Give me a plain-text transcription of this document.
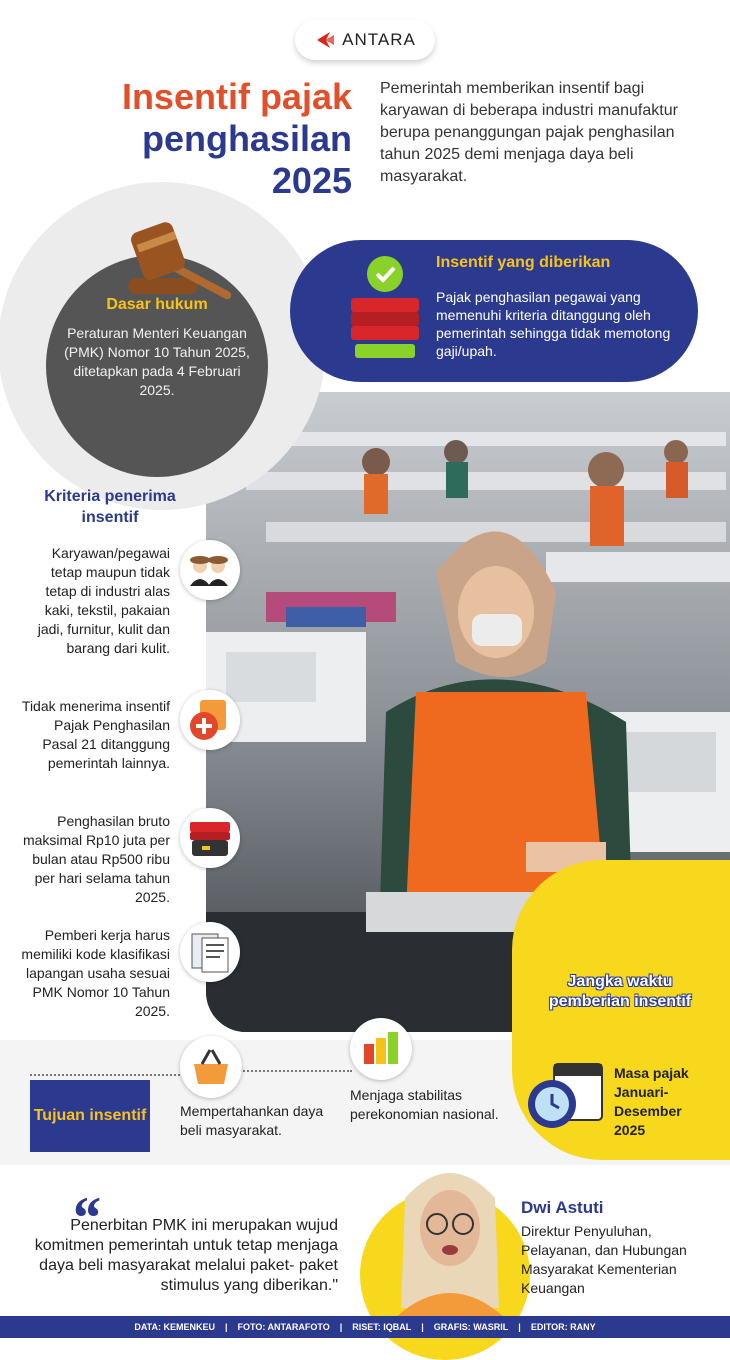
ANTARA
Insentif pajak
penghasilan
2025
Pemerintah memberikan insentif bagi karyawan di beberapa industri manufaktur berupa penanggungan pajak penghasilan tahun 2025 demi menjaga daya beli masyarakat.
Dasar hukum
Peraturan Menteri Keuangan (PMK) Nomor 10 Tahun 2025, ditetapkan pada 4 Februari 2025.
Insentif yang diberikan
Pajak penghasilan pegawai yang memenuhi kriteria ditanggung oleh pemerintah sehingga tidak memotong gaji/upah.
Kriteria penerima insentif
Karyawan/pegawai tetap maupun tidak tetap di industri alas kaki, tekstil, pakaian jadi, furnitur, kulit dan barang dari kulit.
Tidak menerima insentif Pajak Penghasilan Pasal 21 ditanggung pemerintah lainnya.
Penghasilan bruto maksimal Rp10 juta per bulan atau Rp500 ribu per hari selama tahun 2025.
Pemberi kerja harus memiliki kode klasifikasi lapangan usaha sesuai PMK Nomor 10 Tahun 2025.
Tujuan insentif Mempertahankan daya beli masyarakat.
Menjaga stabilitas perekonomian nasional.
Jangka waktu pemberian insentif
Masa pajak Januari-Desember 2025
“
Penerbitan PMK ini merupakan wujud komitmen pemerintah untuk tetap menjaga daya beli masyarakat melalui paket- paket stimulus yang diberikan."
Dwi Astuti
Direktur Penyuluhan, Pelayanan, dan Hubungan Masyarakat Kementerian Keuangan
DATA: KEMENKEU | FOTO: ANTARAFOTO | RISET: IQBAL | GRAFIS: WASRIL | EDITOR: RANY
